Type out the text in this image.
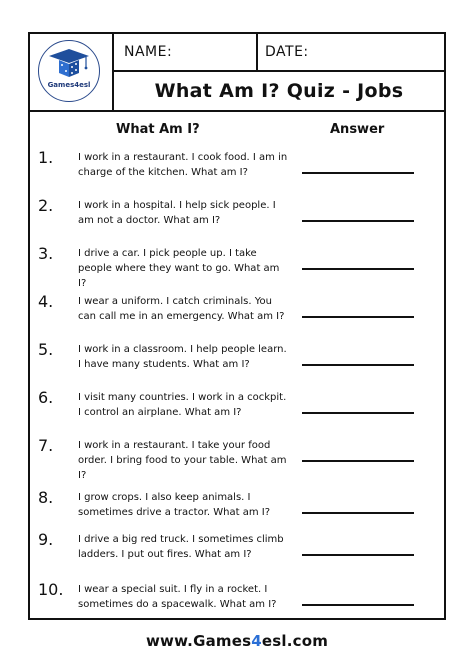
Games4esl
NAME:	DATE:
What Am I? Quiz - Jobs
What Am I?	Answer
1.	I work in a restaurant. I cook food. I am in charge of the kitchen. What am I?
2.	I work in a hospital. I help sick people. I am not a doctor. What am I?
3.	I drive a car. I pick people up. I take people where they want to go. What am I?
4.	I wear a uniform. I catch criminals. You can call me in an emergency. What am I?
5.	I work in a classroom. I help people learn. I have many students. What am I?
6.	I visit many countries. I work in a cockpit. I control an airplane. What am I?
7.	I work in a restaurant. I take your food order. I bring food to your table. What am I?
8.	I grow crops. I also keep animals. I sometimes drive a tractor. What am I?
9.	I drive a big red truck. I sometimes climb ladders. I put out fires. What am I?
10.	I wear a special suit. I fly in a rocket. I sometimes do a spacewalk. What am I?
www.Games4esl.com
